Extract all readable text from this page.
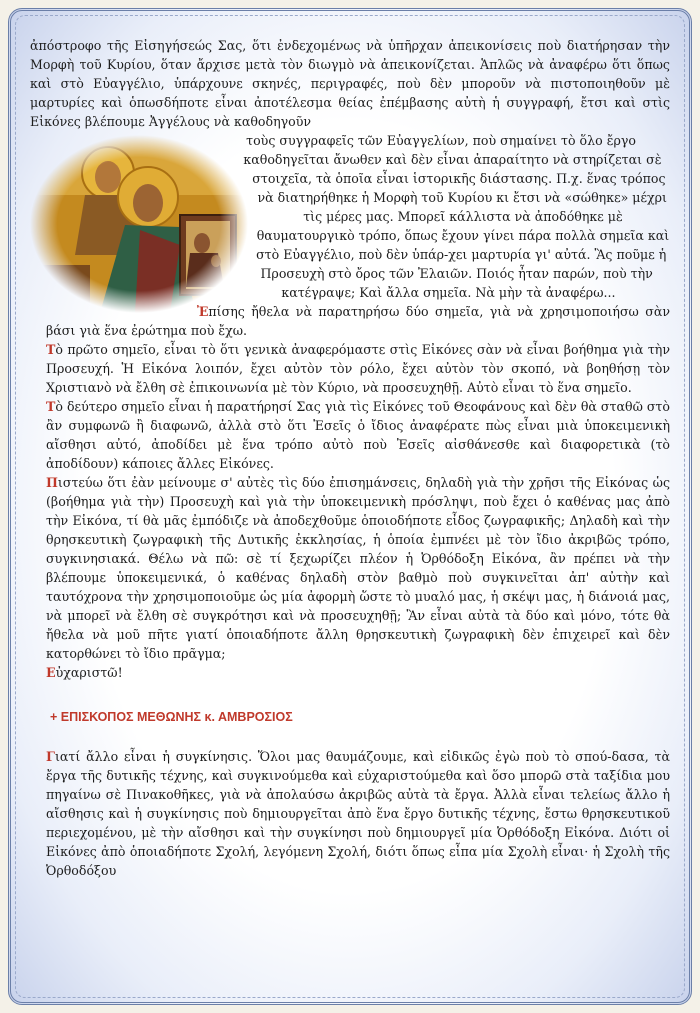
ἀπόστροφο τῆς Εἰσηγήσεώς Σας, ὅτι ἐνδεχομένως νὰ ὑπῆρχαν ἀπεικονίσεις ποὺ διατήρησαν τὴν Μορφὴ τοῦ Κυρίου, ὅταν ἄρχισε μετὰ τὸν διωγμὸ νὰ ἀπεικονίζεται. Ἁπλῶς νὰ ἀναφέρω ὅτι ὅπως καὶ στὸ Εὐαγγέλιο, ὑπάρχουνε σκηνές, περιγραφές, ποὺ δὲν μποροῦν νὰ πιστοποιηθοῦν μὲ μαρτυρίες καὶ ὁπωσδήποτε εἶναι ἀποτέλεσμα θείας ἐπέμβασης αὐτὴ ἡ συγγραφή, ἔτσι καὶ στὶς Εἰκόνες βλέπουμε Ἀγγέλους νὰ καθοδηγοῦν

τοὺς συγγραφεῖς τῶν Εὐαγγελίων, ποὺ σημαίνει τὸ ὅλο ἔργο καθοδηγεῖται ἄνωθεν καὶ δὲν εἶναι ἀπαραίτητο νὰ στηρίζεται σὲ στοιχεῖα, τὰ ὁποῖα εἶναι ἱστορικῆς διάστασης. Π.χ. ἕνας τρόπος νὰ διατηρήθηκε ἡ Μορφὴ τοῦ Κυρίου κι ἔτσι νὰ «σώθηκε» μέχρι τὶς μέρες μας. Μπορεῖ κάλλιστα νὰ ἀποδόθηκε μὲ θαυματουργικὸ τρόπο, ὅπως ἔχουν γίνει πάρα πολλὰ σημεῖα καὶ στὸ Εὐαγγέλιο, ποὺ δὲν ὑπάρ-χει μαρτυρία γι' αὐτά. Ἂς ποῦμε ἡ Προσευχὴ στὸ ὄρος τῶν Ἐλαιῶν. Ποιός ἦταν παρών, ποὺ τὴν κατέγραψε; Καὶ ἄλλα σημεῖα. Νὰ μὴν τὰ ἀναφέρω...

Ἐπίσης ἤθελα νὰ παρατηρήσω δύο σημεῖα, γιὰ νὰ χρησιμοποιήσω σὰν βάσι γιὰ ἕνα ἐρώτημα ποὺ ἔχω.

Τὸ πρῶτο σημεῖο, εἶναι τὸ ὅτι γενικὰ ἀναφερόμαστε στὶς Εἰκόνες σὰν νὰ εἶναι βοήθημα γιὰ τὴν Προσευχή. Ἡ Εἰκόνα λοιπόν, ἔχει αὐτὸν τὸν ρόλο, ἔχει αὐτὸν τὸν σκοπό, νὰ βοηθήσῃ τὸν Χριστιανὸ νὰ ἔλθη σὲ ἐπικοινωνία μὲ τὸν Κύριο, νὰ προσευχηθῇ. Αὐτὸ εἶναι τὸ ἕνα σημεῖο.

Τὸ δεύτερο σημεῖο εἶναι ἡ παρατήρησί Σας γιὰ τὶς Εἰκόνες τοῦ Θεοφάνους καὶ δὲν θὰ σταθῶ στὸ ἂν συμφωνῶ ἢ διαφωνῶ, ἀλλὰ στὸ ὅτι Ἐσεῖς ὁ ἴδιος ἀναφέρατε πὼς εἶναι μιὰ ὑποκειμενικὴ αἴσθησι αὐτό, ἀποδίδει μὲ ἕνα τρόπο αὐτὸ ποὺ Ἐσεῖς αἰσθάνεσθε καὶ διαφορετικὰ (τὸ ἀποδίδουν) κάποιες ἄλλες Εἰκόνες.

Πιστεύω ὅτι ἐὰν μείνουμε σ' αὐτὲς τὶς δύο ἐπισημάνσεις, δηλαδὴ γιὰ τὴν χρῆσι τῆς Εἰκόνας ὡς (βοήθημα γιὰ τὴν) Προσευχὴ καὶ γιὰ τὴν ὑποκειμενικὴ πρόσληψι, ποὺ ἔχει ὁ καθένας μας ἀπὸ τὴν Εἰκόνα, τί θὰ μᾶς ἐμπόδιζε νὰ ἀποδεχθοῦμε ὁποιοδήποτε εἶδος ζωγραφικῆς; Δηλαδὴ καὶ τὴν θρησκευτικὴ ζωγραφικὴ τῆς Δυτικῆς ἐκκλησίας, ἡ ὁποία ἐμπνέει μὲ τὸν ἴδιο ἀκριβῶς τρόπο, συγκινησιακά. Θέλω νὰ πῶ: σὲ τί ξεχωρίζει πλέον ἡ Ὀρθόδοξη Εἰκόνα, ἂν πρέπει νὰ τὴν βλέπουμε ὑποκειμενικά, ὁ καθένας δηλαδὴ στὸν βαθμὸ ποὺ συγκινεῖται ἀπ' αὐτὴν καὶ ταυτόχρονα τὴν χρησιμοποιοῦμε ὡς μία ἀφορμὴ ὥστε τὸ μυαλό μας, ἡ σκέψι μας, ἡ διάνοιά μας, νὰ μπορεῖ νὰ ἔλθη σὲ συγκρότησι καὶ νὰ προσευχηθῇ; Ἂν εἶναι αὐτὰ τὰ δύο καὶ μόνο, τότε θὰ ἤθελα νὰ μοῦ πῆτε γιατί ὁποιαδήποτε ἄλλη θρησκευτικὴ ζωγραφικὴ δὲν ἐπιχειρεῖ καὶ δὲν κατορθώνει τὸ ἴδιο πρᾶγμα;

Εὐχαριστῶ!

+ ΕΠΙΣΚΟΠΟΣ ΜΕΘΩΝΗΣ κ. ΑΜΒΡΟΣΙΟΣ

Γιατί ἄλλο εἶναι ἡ συγκίνησις. Ὅλοι μας θαυμάζουμε, καὶ εἰδικῶς ἐγὼ ποὺ τὸ σπού-δασα, τὰ ἔργα τῆς δυτικῆς τέχνης, καὶ συγκινούμεθα καὶ εὐχαριστούμεθα καὶ ὅσο μπορῶ στὰ ταξίδια μου πηγαίνω σὲ Πινακοθῆκες, γιὰ νὰ ἀπολαύσω ἀκριβῶς αὐτὰ τὰ ἔργα. Ἀλλὰ εἶναι τελείως ἄλλο ἡ αἴσθησις καὶ ἡ συγκίνησις ποὺ δημιουργεῖται ἀπὸ ἕνα ἔργο δυτικῆς τέχνης, ἔστω θρησκευτικοῦ περιεχομένου, μὲ τὴν αἴσθησι καὶ τὴν συγκίνησι ποὺ δημιουργεῖ μία Ὀρθόδοξη Εἰκόνα. Διότι οἱ Εἰκόνες ἀπὸ ὁποιαδήποτε Σχολή, λεγόμενη Σχολή, διότι ὅπως εἶπα μία Σχολὴ εἶναι· ἡ Σχολὴ τῆς Ὀρθοδόξου
